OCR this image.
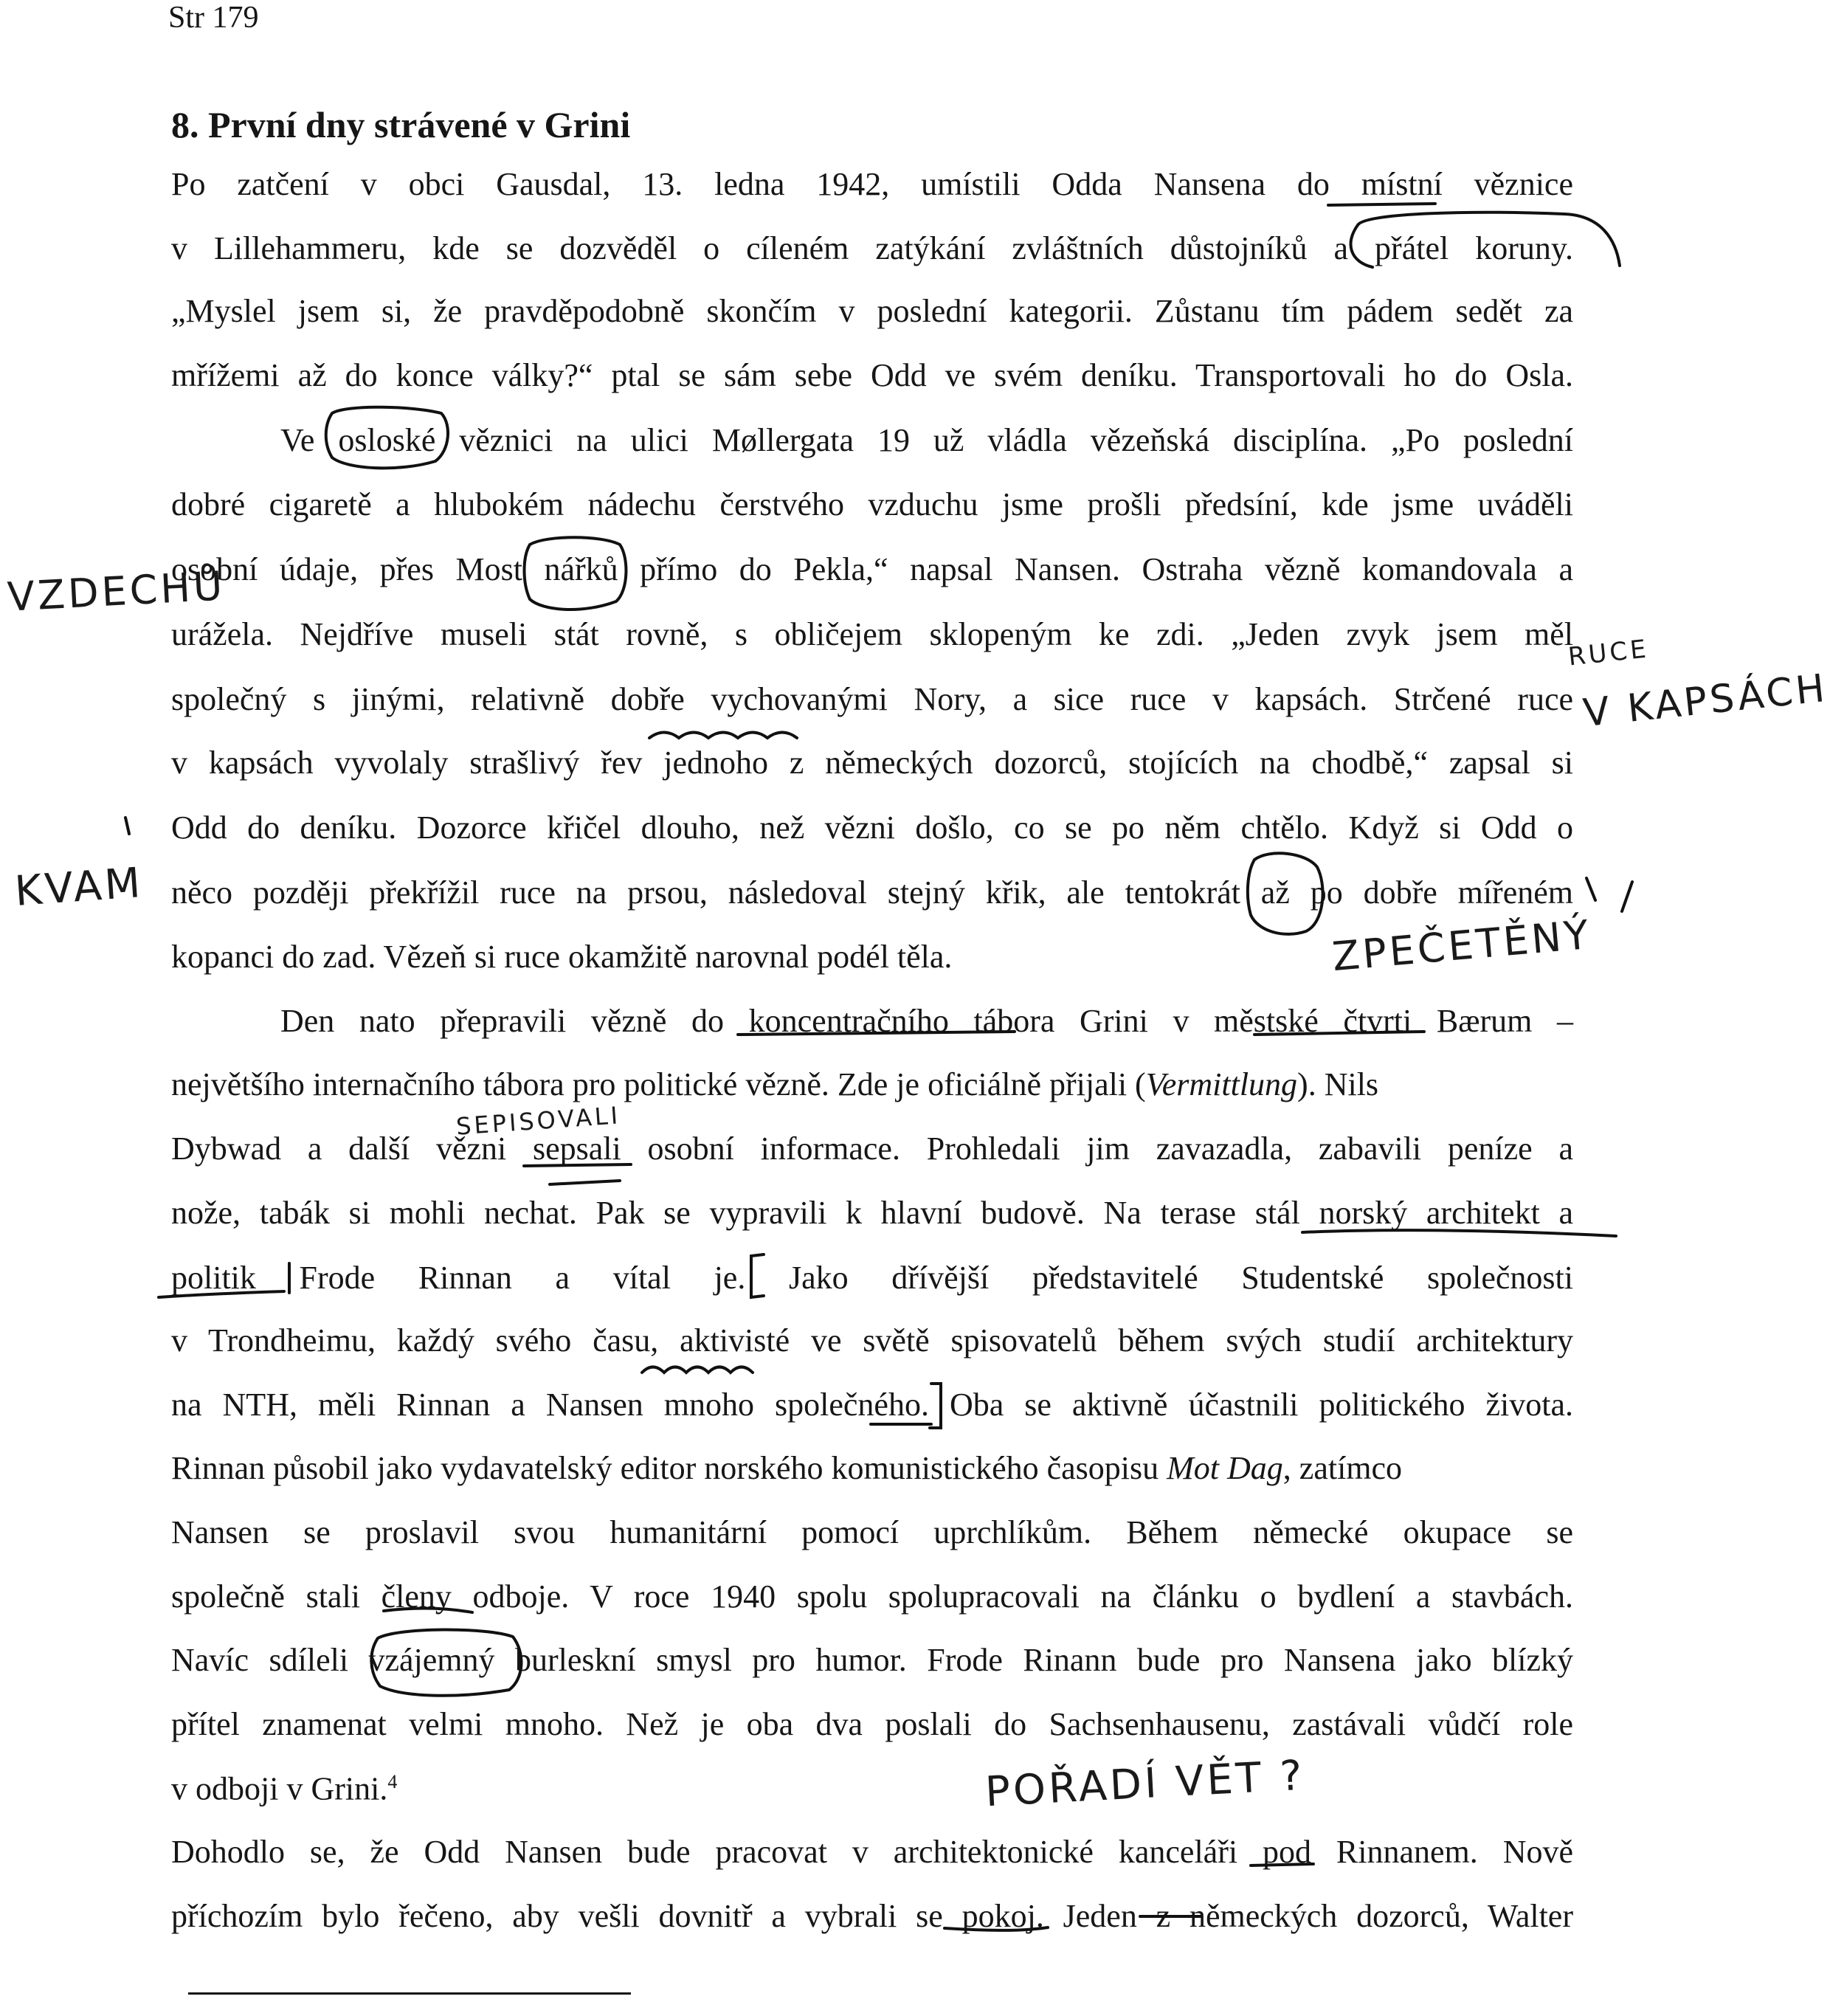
Str 179
8. První dny strávené v Grini
Po zatčení v obci Gausdal, 13. ledna 1942, umístili Odda Nansena do místní věznice
v Lillehammeru, kde se dozvěděl o cíleném zatýkání zvláštních důstojníků a přátel koruny.
„Myslel jsem si, že pravděpodobně skončím v poslední kategorii. Zůstanu tím pádem sedět za
mřížemi až do konce války?“ ptal se sám sebe Odd ve svém deníku. Transportovali ho do Osla.
Ve osloské věznici na ulici Møllergata 19 už vládla vězeňská disciplína. „Po poslední
dobré cigaretě a hlubokém nádechu čerstvého vzduchu jsme prošli předsíní, kde jsme uváděli
osobní údaje, přes Most nářků přímo do Pekla,“ napsal Nansen. Ostraha vězně komandovala a
urážela. Nejdříve museli stát rovně, s obličejem sklopeným ke zdi. „Jeden zvyk jsem měl
společný s jinými, relativně dobře vychovanými Nory, a sice ruce v kapsách. Strčené ruce
v kapsách vyvolaly strašlivý řev jednoho z německých dozorců, stojících na chodbě,“ zapsal si
Odd do deníku. Dozorce křičel dlouho, než vězni došlo, co se po něm chtělo. Když si Odd o
něco později překřížil ruce na prsou, následoval stejný křik, ale tentokrát až po dobře mířeném
kopanci do zad. Vězeň si ruce okamžitě narovnal podél těla.
Den nato přepravili vězně do koncentračního tábora Grini v městské čtvrti Bærum –
největšího internačního tábora pro politické vězně. Zde je oficiálně přijali (Vermittlung). Nils
Dybwad a další vězni sepsali osobní informace. Prohledali jim zavazadla, zabavili peníze a
nože, tabák si mohli nechat. Pak se vypravili k hlavní budově. Na terase stál norský architekt a
politik Frode Rinnan a vítal je. Jako dřívější představitelé Studentské společnosti
v Trondheimu, každý svého času, aktivisté ve světě spisovatelů během svých studií architektury
na NTH, měli Rinnan a Nansen mnoho společného. Oba se aktivně účastnili politického života.
Rinnan působil jako vydavatelský editor norského komunistického časopisu Mot Dag, zatímco
Nansen se proslavil svou humanitární pomocí uprchlíkům. Během německé okupace se
společně stali členy odboje. V roce 1940 spolu spolupracovali na článku o bydlení a stavbách.
Navíc sdíleli vzájemný burleskní smysl pro humor. Frode Rinann bude pro Nansena jako blízký
přítel znamenat velmi mnoho. Než je oba dva poslali do Sachsenhausenu, zastávali vůdčí role
v odboji v Grini.$^4$
Dohodlo se, že Odd Nansen bude pracovat v architektonické kanceláři pod Rinnanem. Nově
příchozím bylo řečeno, aby vešli dovnitř a vybrali se pokoj. Jeden z německých dozorců, Walter
VZDECHŮ
RUCE
V KAPSÁCH
KVAM
ZPEČETĚNÝ
SEPISOVALI
POŘADÍ VĚT ?
